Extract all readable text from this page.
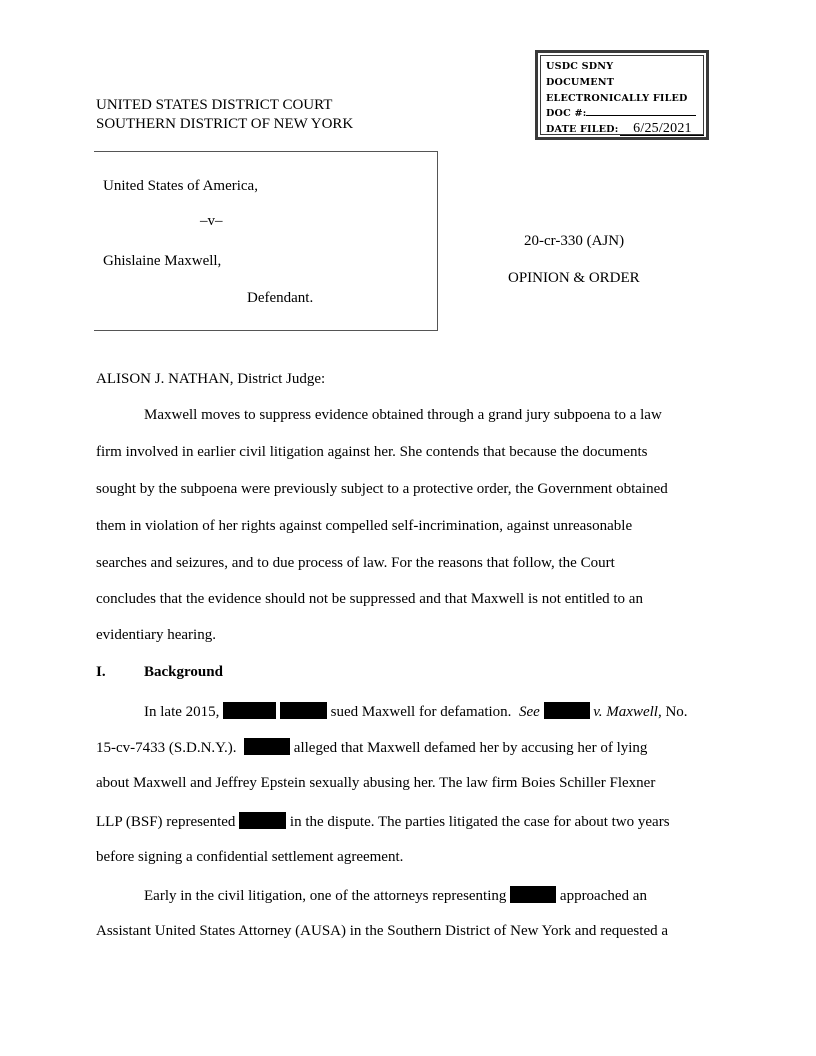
UNITED STATES DISTRICT COURT
SOUTHERN DISTRICT OF NEW YORK
USDC SDNY
DOCUMENT
ELECTRONICALLY FILED
DOC #:
DATE FILED: 6/25/2021
United States of America,
–v–
Ghislaine Maxwell,
Defendant.
20-cr-330 (AJN)
OPINION & ORDER
ALISON J. NATHAN, District Judge:
Maxwell moves to suppress evidence obtained through a grand jury subpoena to a law
firm involved in earlier civil litigation against her. She contends that because the documents
sought by the subpoena were previously subject to a protective order, the Government obtained
them in violation of her rights against compelled self-incrimination, against unreasonable
searches and seizures, and to due process of law. For the reasons that follow, the Court
concludes that the evidence should not be suppressed and that Maxwell is not entitled to an
evidentiary hearing.
I.	Background
In late 2015,	sued Maxwell for defamation. See	v. Maxwell, No.
15-cv-7433 (S.D.N.Y.).	alleged that Maxwell defamed her by accusing her of lying
about Maxwell and Jeffrey Epstein sexually abusing her. The law firm Boies Schiller Flexner
LLP (BSF) represented	in the dispute. The parties litigated the case for about two years
before signing a confidential settlement agreement.
Early in the civil litigation, one of the attorneys representing	approached an
Assistant United States Attorney (AUSA) in the Southern District of New York and requested a
